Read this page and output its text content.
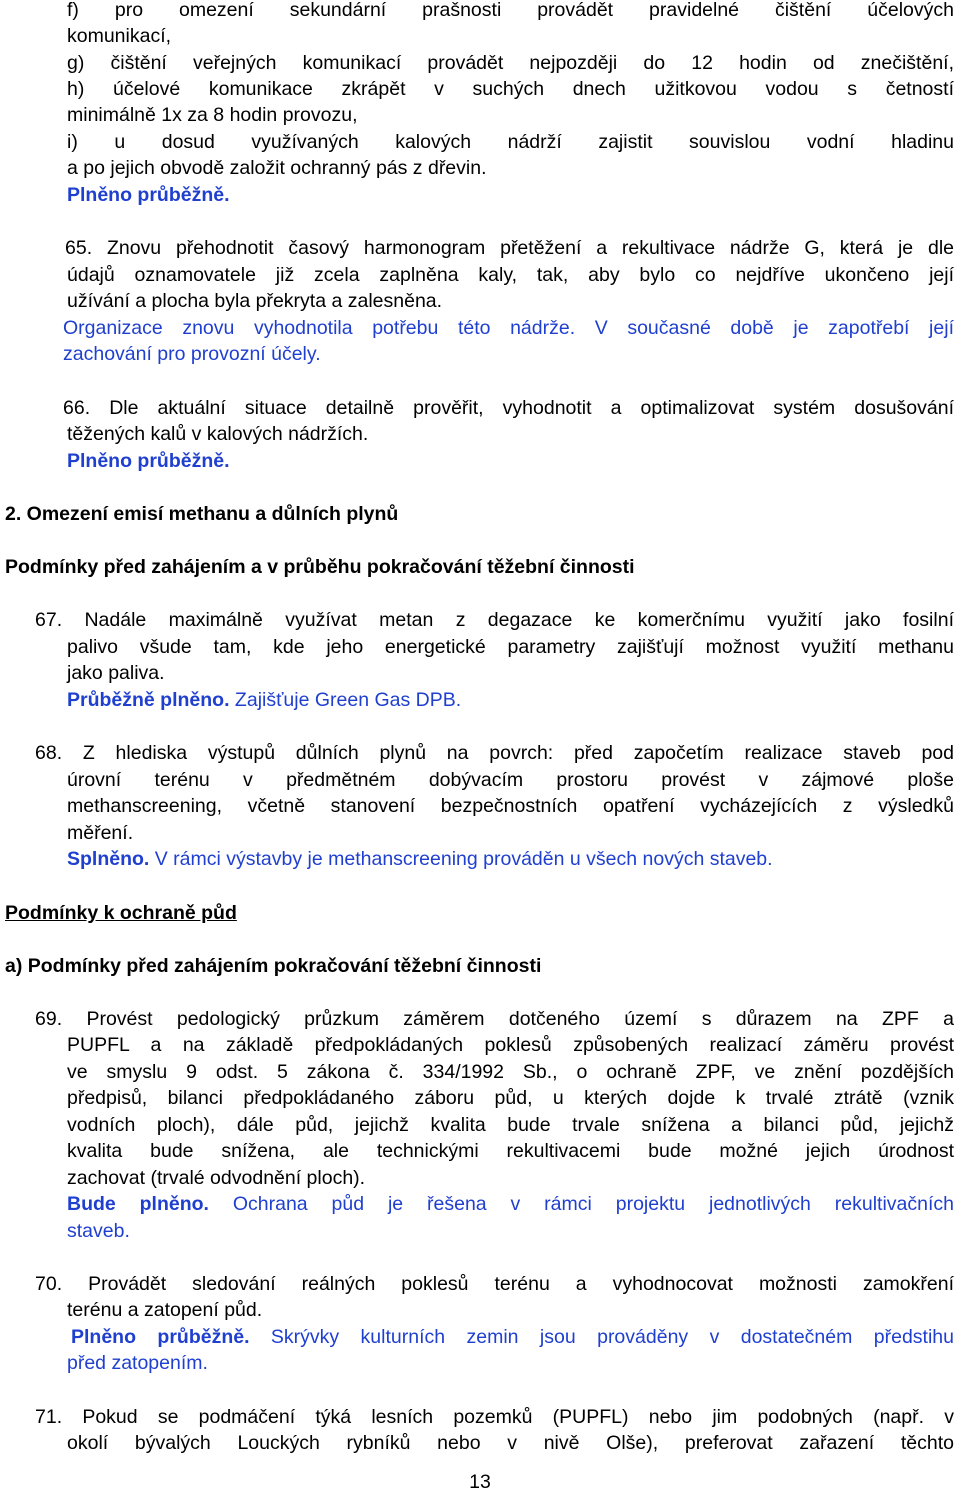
f) pro omezení sekundární prašnosti provádět pravidelné čištění účelových

komunikací,

g) čištění veřejných komunikací provádět nejpozději do 12 hodin od znečištění,

h) účelové komunikace zkrápět v suchých dnech užitkovou vodou s četností

minimálně 1x za 8 hodin provozu,

i) u dosud využívaných kalových nádrží zajistit souvislou vodní hladinu

a po jejich obvodě založit ochranný pás z dřevin.

Plněno průběžně.

65. Znovu přehodnotit časový harmonogram přetěžení a rekultivace nádrže G, která je dle

údajů oznamovatele již zcela zaplněna kaly, tak, aby bylo co nejdříve ukončeno její

užívání a plocha byla překryta a zalesněna.

Organizace znovu vyhodnotila potřebu této nádrže. V současné době je zapotřebí její

zachování pro provozní účely.

66. Dle aktuální situace detailně prověřit, vyhodnotit a optimalizovat systém dosušování

těžených kalů v kalových nádržích.

Plněno průběžně.

2. Omezení emisí methanu a důlních plynů

Podmínky před zahájením a v průběhu pokračování těžební činnosti

67. Nadále maximálně využívat metan z degazace ke komerčnímu využití jako fosilní

palivo všude tam, kde jeho energetické parametry zajišťují možnost využití methanu

jako paliva.

Průběžně plněno. Zajišťuje Green Gas DPB.

68. Z hlediska výstupů důlních plynů na povrch: před započetím realizace staveb pod

úrovní terénu v předmětném dobývacím prostoru provést v zájmové ploše

methanscreening, včetně stanovení bezpečnostních opatření vycházejících z výsledků

měření.

Splněno. V rámci výstavby je methanscreening prováděn u všech nových staveb.

Podmínky k ochraně půd

a) Podmínky před zahájením pokračování těžební činnosti

69. Provést pedologický průzkum záměrem dotčeného území s důrazem na ZPF a

PUPFL a na základě předpokládaných poklesů způsobených realizací záměru provést

ve smyslu 9 odst. 5 zákona č. 334/1992 Sb., o ochraně ZPF, ve znění pozdějších

předpisů, bilanci předpokládaného záboru půd, u kterých dojde k trvalé ztrátě (vznik

vodních ploch), dále půd, jejichž kvalita bude trvale snížena a bilanci půd, jejichž

kvalita bude snížena, ale technickými rekultivacemi bude možné jejich úrodnost

zachovat (trvalé odvodnění ploch).

Bude plněno. Ochrana půd je řešena v rámci projektu jednotlivých rekultivačních

staveb.

70. Provádět sledování reálných poklesů terénu a vyhodnocovat možnosti zamokření

terénu a zatopení půd.

Plněno průběžně. Skrývky kulturních zemin jsou prováděny v dostatečném předstihu

před zatopením.

71. Pokud se podmáčení týká lesních pozemků (PUPFL) nebo jim podobných (např. v

okolí bývalých Louckých rybníků nebo v nivě Olše), preferovat zařazení těchto

13
